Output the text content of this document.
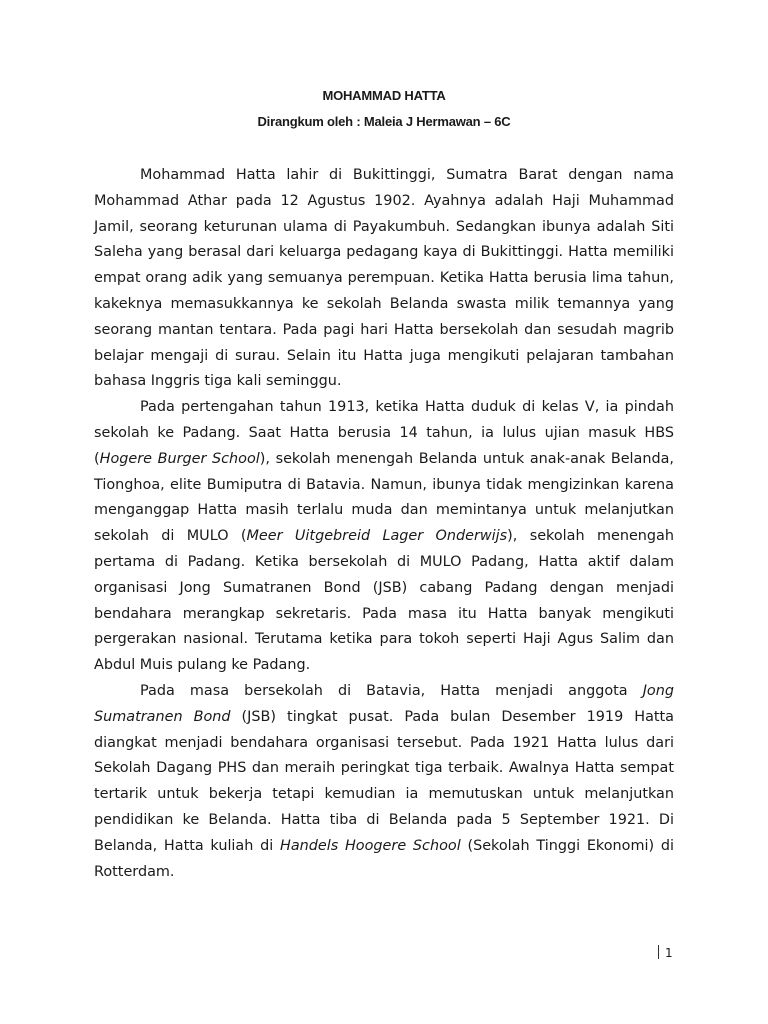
MOHAMMAD HATTA
Dirangkum oleh : Maleia J Hermawan – 6C

Mohammad Hatta lahir di Bukittinggi, Sumatra Barat dengan nama Mohammad Athar pada 12 Agustus 1902. Ayahnya adalah Haji Muhammad Jamil, seorang keturunan ulama di Payakumbuh. Sedangkan ibunya adalah Siti Saleha yang berasal dari keluarga pedagang kaya di Bukittinggi. Hatta memiliki empat orang adik yang semuanya perempuan. Ketika Hatta berusia lima tahun, kakeknya memasukkannya ke sekolah Belanda swasta milik temannya yang seorang mantan tentara. Pada pagi hari Hatta bersekolah dan sesudah magrib belajar mengaji di surau. Selain itu Hatta juga mengikuti pelajaran tambahan bahasa Inggris tiga kali seminggu.

Pada pertengahan tahun 1913, ketika Hatta duduk di kelas V, ia pindah sekolah ke Padang. Saat Hatta berusia 14 tahun, ia lulus ujian masuk HBS (Hogere Burger School), sekolah menengah Belanda untuk anak-anak Belanda, Tionghoa, elite Bumiputra di Batavia. Namun, ibunya tidak mengizinkan karena menganggap Hatta masih terlalu muda dan memintanya untuk melanjutkan sekolah di MULO (Meer Uitgebreid Lager Onderwijs), sekolah menengah pertama di Padang. Ketika bersekolah di MULO Padang, Hatta aktif dalam organisasi Jong Sumatranen Bond (JSB) cabang Padang dengan menjadi bendahara merangkap sekretaris. Pada masa itu Hatta banyak mengikuti pergerakan nasional. Terutama ketika para tokoh seperti Haji Agus Salim dan Abdul Muis pulang ke Padang.

Pada masa bersekolah di Batavia, Hatta menjadi anggota Jong Sumatranen Bond (JSB) tingkat pusat. Pada bulan Desember 1919 Hatta diangkat menjadi bendahara organisasi tersebut. Pada 1921 Hatta lulus dari Sekolah Dagang PHS dan meraih peringkat tiga terbaik. Awalnya Hatta sempat tertarik untuk bekerja tetapi kemudian ia memutuskan untuk melanjutkan pendidikan ke Belanda. Hatta tiba di Belanda pada 5 September 1921. Di Belanda, Hatta kuliah di Handels Hoogere School (Sekolah Tinggi Ekonomi) di Rotterdam.

1
